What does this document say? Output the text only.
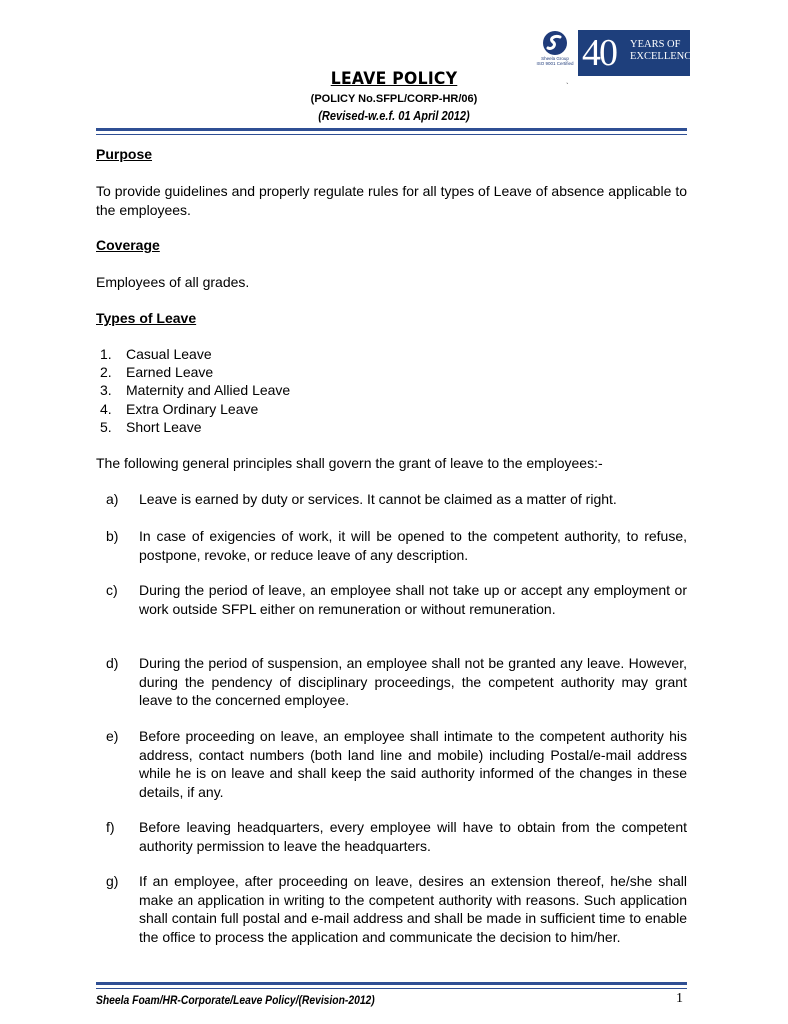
Sheela Group
ISO 9001 Certified 40 YEARS OF
EXCELLENCE
`
LEAVE POLICY
(POLICY No.SFPL/CORP-HR/06)
(Revised-w.e.f. 01 April 2012)
Purpose
To provide guidelines and properly regulate rules for all types of Leave of absence applicable to the employees.
Coverage
Employees of all grades.
Types of Leave
1. Casual Leave
2. Earned Leave
3. Maternity and Allied Leave
4. Extra Ordinary Leave
5. Short Leave
The following general principles shall govern the grant of leave to the employees:-
a) Leave is earned by duty or services. It cannot be claimed as a matter of right.
b) In case of exigencies of work, it will be opened to the competent authority, to refuse, postpone, revoke, or reduce leave of any description.
c) During the period of leave, an employee shall not take up or accept any employment or work outside SFPL either on remuneration or without remuneration.
d) During the period of suspension, an employee shall not be granted any leave. However, during the pendency of disciplinary proceedings, the competent authority may grant leave to the concerned employee.
e) Before proceeding on leave, an employee shall intimate to the competent authority his address, contact numbers (both land line and mobile) including Postal/e-mail address while he is on leave and shall keep the said authority informed of the changes in these details, if any.
f) Before leaving headquarters, every employee will have to obtain from the competent authority permission to leave the headquarters.
g) If an employee, after proceeding on leave, desires an extension thereof, he/she shall make an application in writing to the competent authority with reasons. Such application shall contain full postal and e-mail address and shall be made in sufficient time to enable the office to process the application and communicate the decision to him/her.
Sheela Foam/HR-Corporate/Leave Policy/(Revision-2012)	1
